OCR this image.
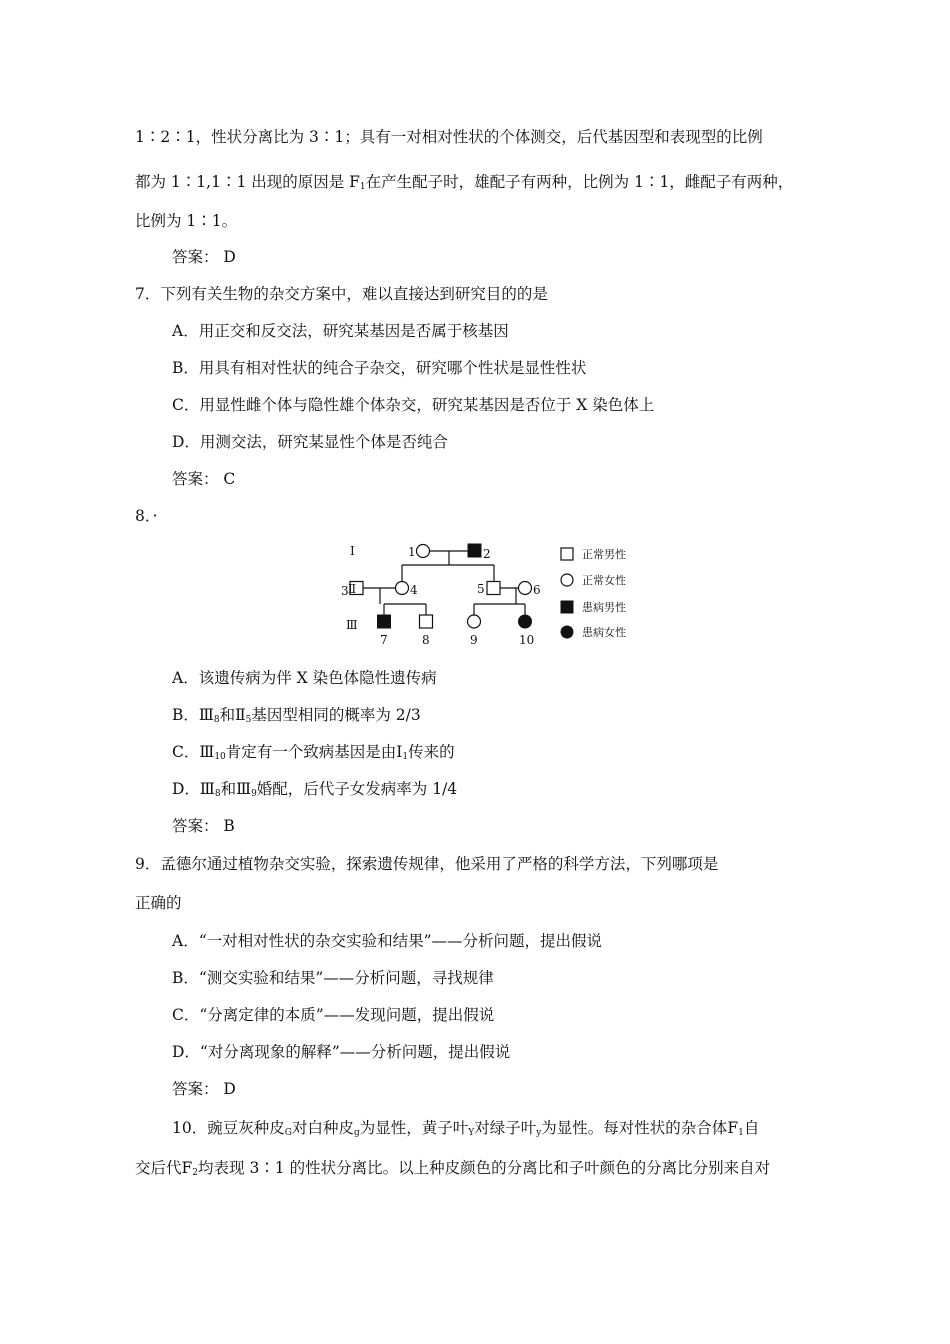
1∶2∶1，性状分离比为 3∶1；具有一对相对性状的个体测交，后代基因型和表现型的比例
都为 1∶1,1∶1 出现的原因是 $F_1$在产生配子时，雄配子有两种，比例为 1∶1，雌配子有两种，
比例为 1∶1。
答案： D
7．下列有关生物的杂交方案中，难以直接达到研究目的的是
A．用正交和反交法，研究某基因是否属于核基因
B．用具有相对性状的纯合子杂交，研究哪个性状是显性性状
C．用显性雌个体与隐性雄个体杂交，研究某基因是否位于 X 染色体上
D．用测交法，研究某显性个体是否纯合
答案： C
8．·
Ⅰ
Ⅱ
Ⅲ
1	2
3	4	5	6
7	8	9	10
正常男性
正常女性
患病男性
患病女性
A．该遗传病为伴 X 染色体隐性遗传病
B．$Ⅲ_8$和$Ⅱ_5$基因型相同的概率为 2/3
C．$Ⅲ_{10}$肯定有一个致病基因是由$Ⅰ_1$传来的
D．$Ⅲ_8$和$Ⅲ_9$婚配，后代子女发病率为 1/4
答案： B
9．孟德尔通过植物杂交实验，探索遗传规律，他采用了严格的科学方法，下列哪项是
正确的
A．“一对相对性状的杂交实验和结果”——分析问题，提出假说
B．“测交实验和结果”——分析问题，寻找规律
C．“分离定律的本质”——发现问题，提出假说
D．“对分离现象的解释”——分析问题，提出假说
答案： D
10．豌豆灰种皮$_G$对白种皮$_g$为显性，黄子叶$_Y$对绿子叶$_y$为显性。每对性状的杂合体$F_1$自
交后代$F_2$均表现 3∶1 的性状分离比。以上种皮颜色的分离比和子叶颜色的分离比分别来自对
